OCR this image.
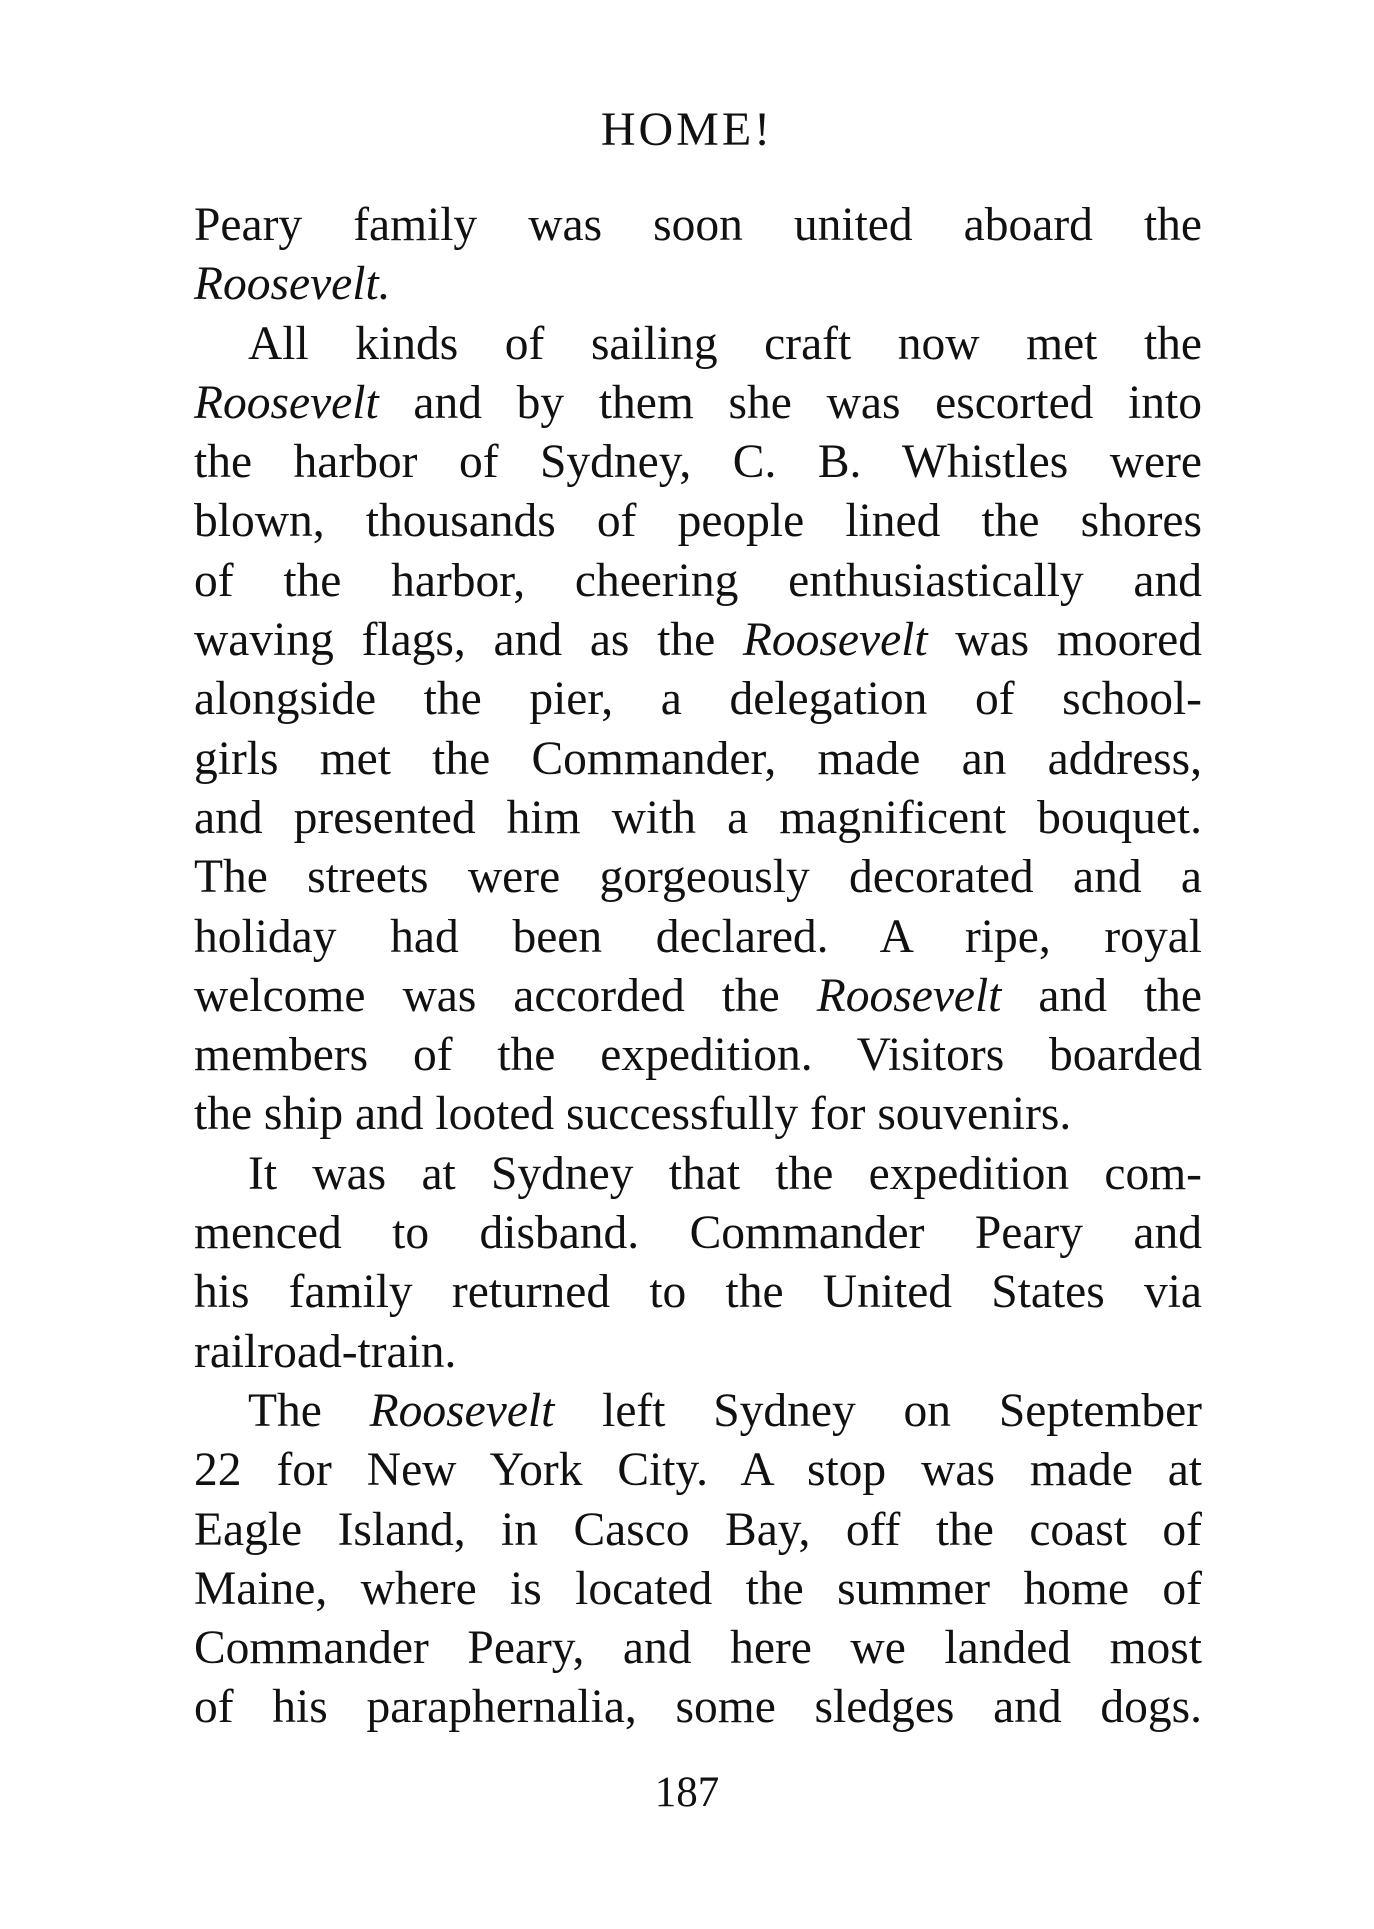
HOME!
Peary family was soon united aboard the
Roosevelt.
All kinds of sailing craft now met the
Roosevelt and by them she was escorted into
the harbor of Sydney, C. B. Whistles were
blown, thousands of people lined the shores
of the harbor, cheering enthusiastically and
waving flags, and as the Roosevelt was moored
alongside the pier, a delegation of school-
girls met the Commander, made an address,
and presented him with a magnificent bouquet.
The streets were gorgeously decorated and a
holiday had been declared. A ripe, royal
welcome was accorded the Roosevelt and the
members of the expedition. Visitors boarded
the ship and looted successfully for souvenirs.
It was at Sydney that the expedition com-
menced to disband. Commander Peary and
his family returned to the United States via
railroad-train.
The Roosevelt left Sydney on September
22 for New York City. A stop was made at
Eagle Island, in Casco Bay, off the coast of
Maine, where is located the summer home of
Commander Peary, and here we landed most
of his paraphernalia, some sledges and dogs.
187
